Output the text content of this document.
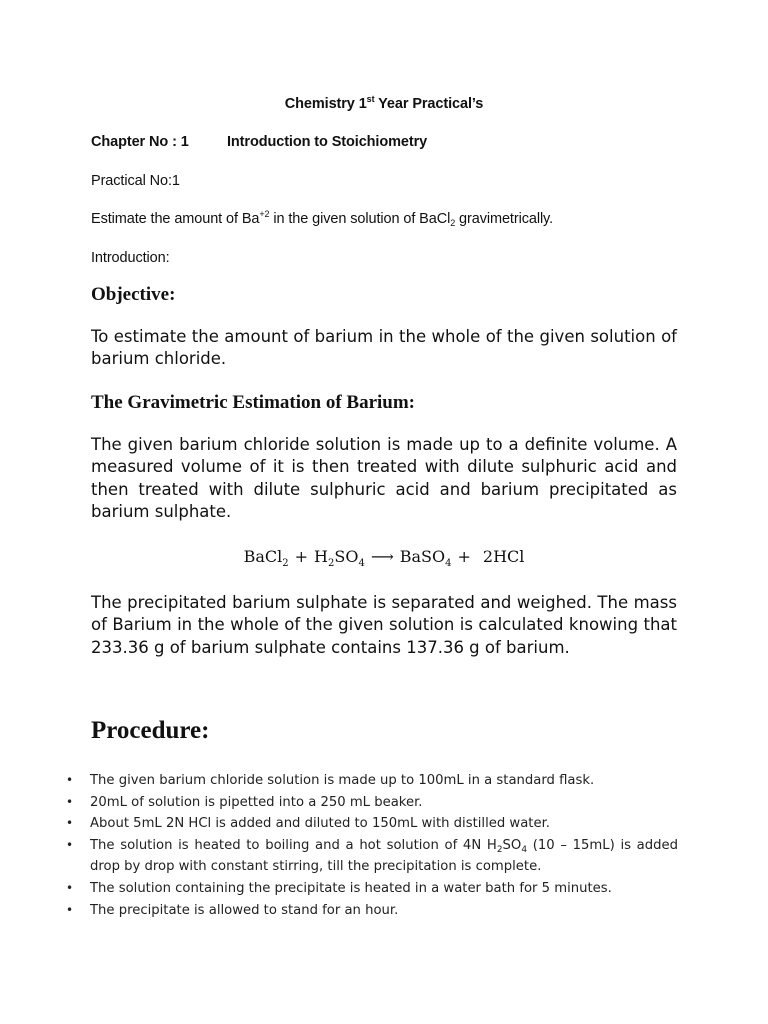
Chemistry 1st Year Practical’s
Chapter No : 1	Introduction to Stoichiometry
Practical No:1
Estimate the amount of $Ba^{+2}$ in the given solution of BaCl$_2$ gravimetrically.
Introduction:
Objective:
To estimate the amount of barium in the whole of the given solution of barium chloride.
The Gravimetric Estimation of Barium:
The given barium chloride solution is made up to a definite volume. A measured volume of it is then treated with dilute sulphuric acid and then treated with dilute sulphuric acid and barium precipitated as barium sulphate.
BaCl$_2$ + $H_2SO_4$ ⟶ BaSO$_4$ + 2HCl
The precipitated barium sulphate is separated and weighed. The mass of Barium in the whole of the given solution is calculated knowing that 233.36 g of barium sulphate contains 137.36 g of barium.
Procedure:
• The given barium chloride solution is made up to 100mL in a standard flask.
• 20mL of solution is pipetted into a 250 mL beaker.
• About 5mL 2N HCl is added and diluted to 150mL with distilled water.
• The solution is heated to boiling and a hot solution of 4N $H_2SO_4$ (10 – 15mL) is added drop by drop with constant stirring, till the precipitation is complete.
• The solution containing the precipitate is heated in a water bath for 5 minutes.
• The precipitate is allowed to stand for an hour.
